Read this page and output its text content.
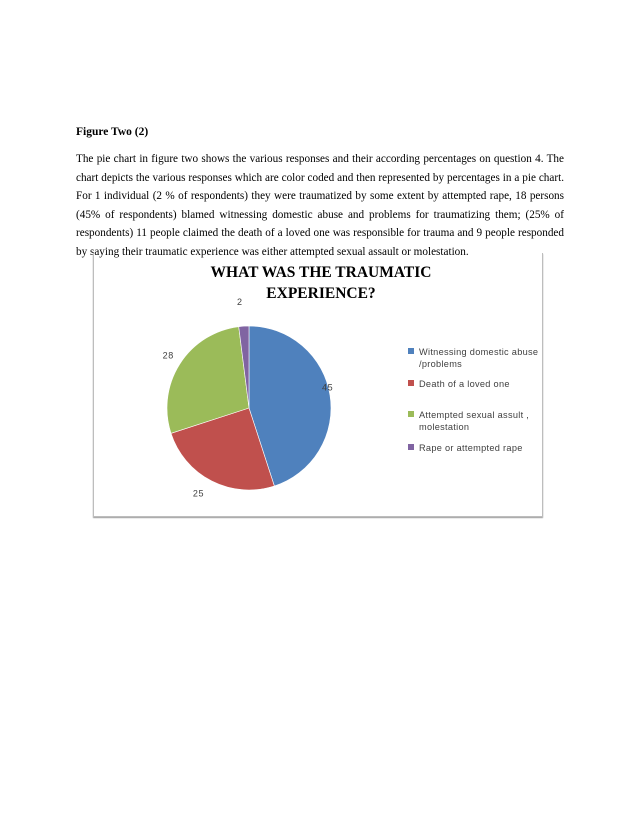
Figure Two (2)

The pie chart in figure two shows the various responses and their according percentages on question 4. The chart depicts the various responses which are color coded and then represented by percentages in a pie chart. For 1 individual (2 % of respondents) they were traumatized by some extent by attempted rape, 18 persons (45% of respondents) blamed witnessing domestic abuse and problems for traumatizing them; (25% of respondents) 11 people claimed the death of a loved one was responsible for trauma and 9 people responded by saying their traumatic experience was either attempted sexual assault or molestation.

WHAT WAS THE TRAUMATIC
EXPERIENCE?
45
25
28
2
Witnessing domestic abuse
/problems
Death of a loved one
Attempted sexual assult ,
molestation
Rape or attempted rape
